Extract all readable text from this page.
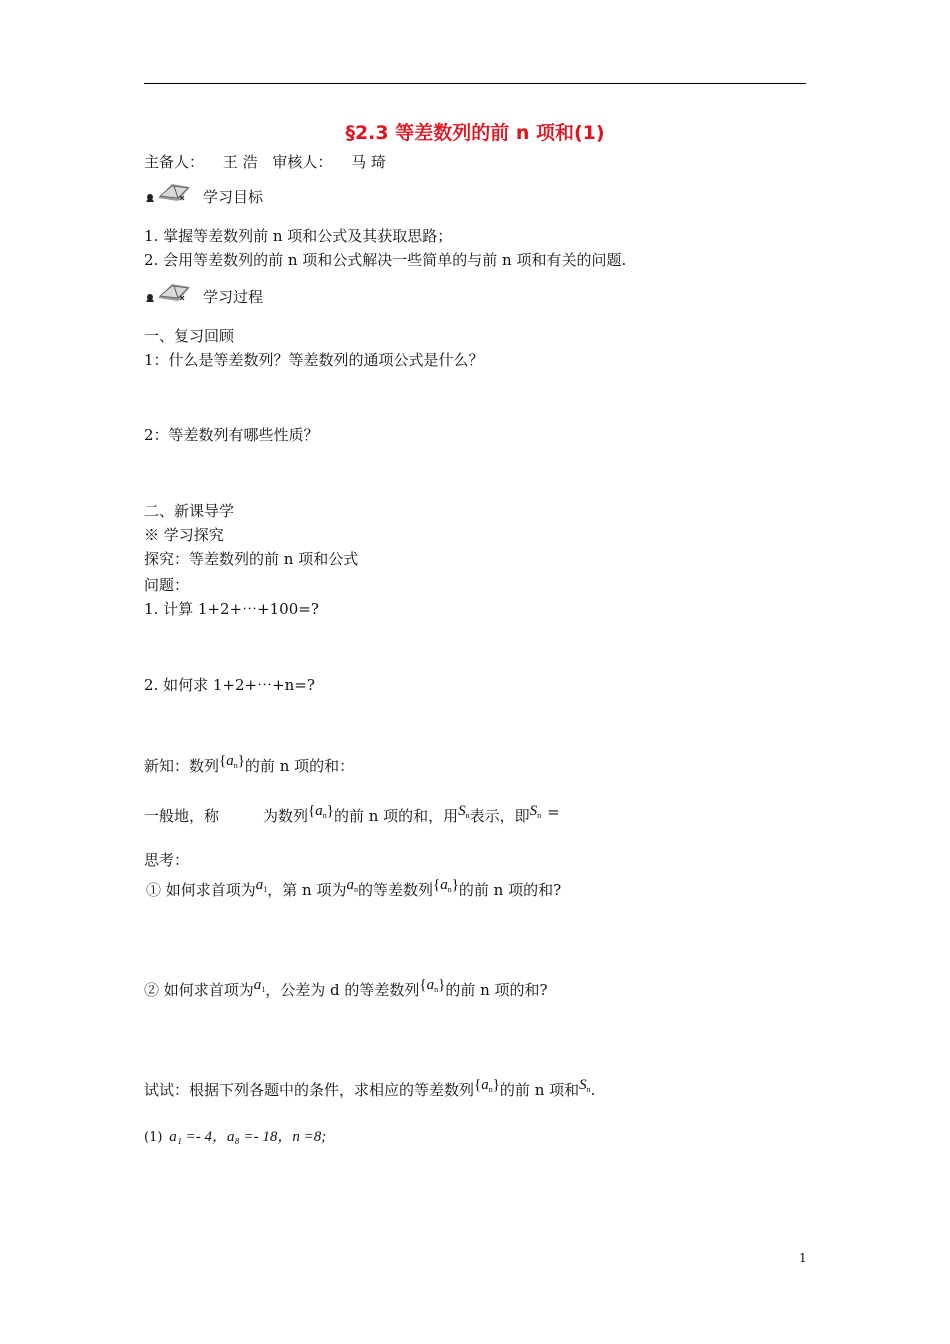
§2.3 等差数列的前 n 项和(1)
主备人： 王 浩 审核人： 马 琦
学习目标
1. 掌握等差数列前 n 项和公式及其获取思路；
2. 会用等差数列的前 n 项和公式解决一些简单的与前 n 项和有关的问题.
学习过程
一、复习回顾
1：什么是等差数列？等差数列的通项公式是什么？
2：等差数列有哪些性质？
二、新课导学
※ 学习探究
探究：等差数列的前 n 项和公式
问题：
1. 计算 1+2+⋯+100=?
2. 如何求 1+2+⋯+n=?
新知：数列$\{a_n\}$的前 n 项的和：
一般地，称	为数列$\{a_n\}$的前 n 项的和，用$S_n$表示，即$S_n$ =
思考：
① 如何求首项为$a_1$，第 n 项为$a_n$的等差数列$\{a_n\}$的前 n 项的和?
② 如何求首项为$a_1$，公差为 d 的等差数列$\{a_n\}$的前 n 项的和?
试试：根据下列各题中的条件，求相应的等差数列$\{a_n\}$的前 n 项和$S_n$.
(1) a₁ =- 4，a₈ =- 18，n =8;
1
